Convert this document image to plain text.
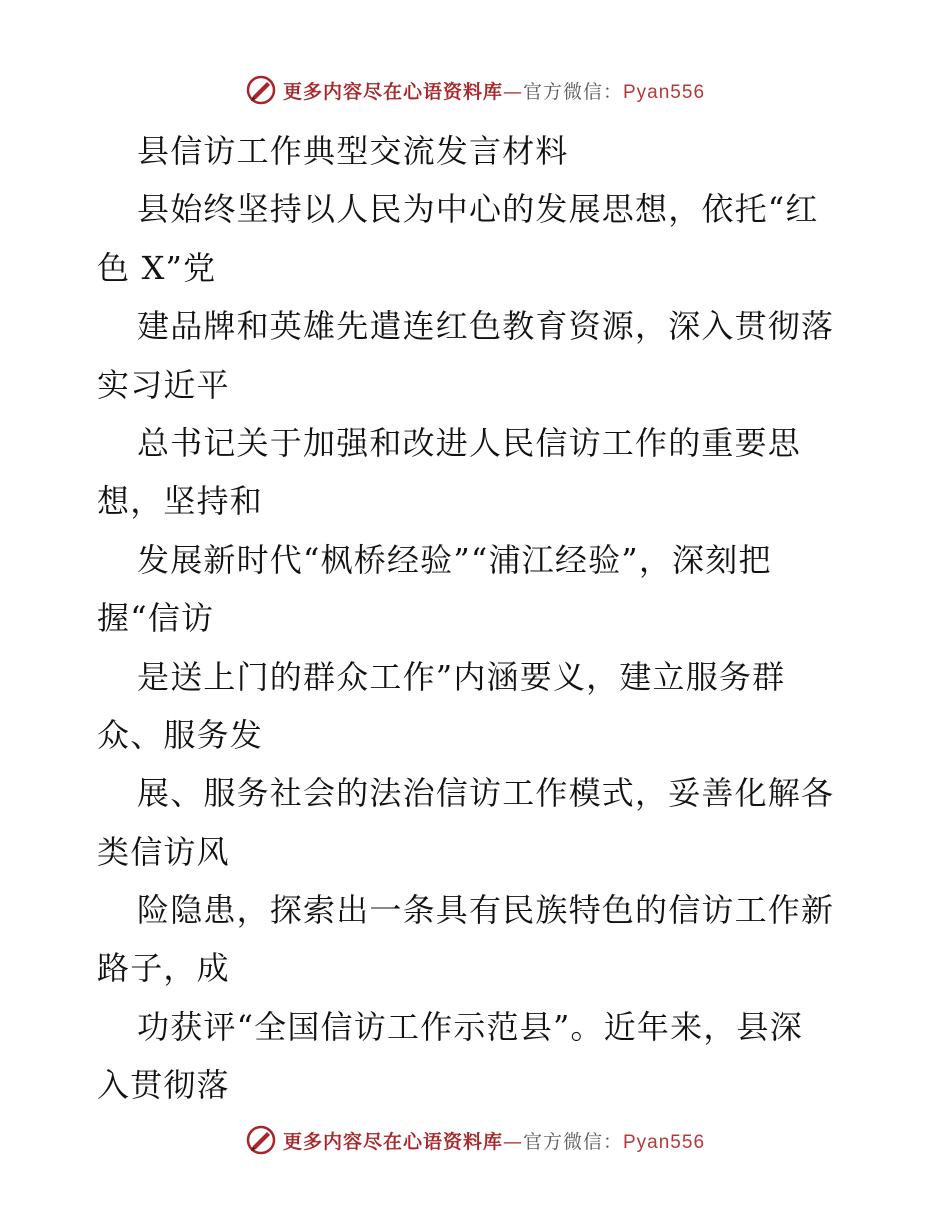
更多内容尽在心语资料库—官方微信：Pyan556
县信访工作典型交流发言材料
县始终坚持以人民为中心的发展思想，依托“红
色 X”党
建品牌和英雄先遣连红色教育资源，深入贯彻落
实习近平
总书记关于加强和改进人民信访工作的重要思
想，坚持和
发展新时代“枫桥经验”“浦江经验”，深刻把
握“信访
是送上门的群众工作”内涵要义，建立服务群
众、服务发
展、服务社会的法治信访工作模式，妥善化解各
类信访风
险隐患，探索出一条具有民族特色的信访工作新
路子，成
功获评“全国信访工作示范县”。近年来，县深
入贯彻落
更多内容尽在心语资料库—官方微信：Pyan556
